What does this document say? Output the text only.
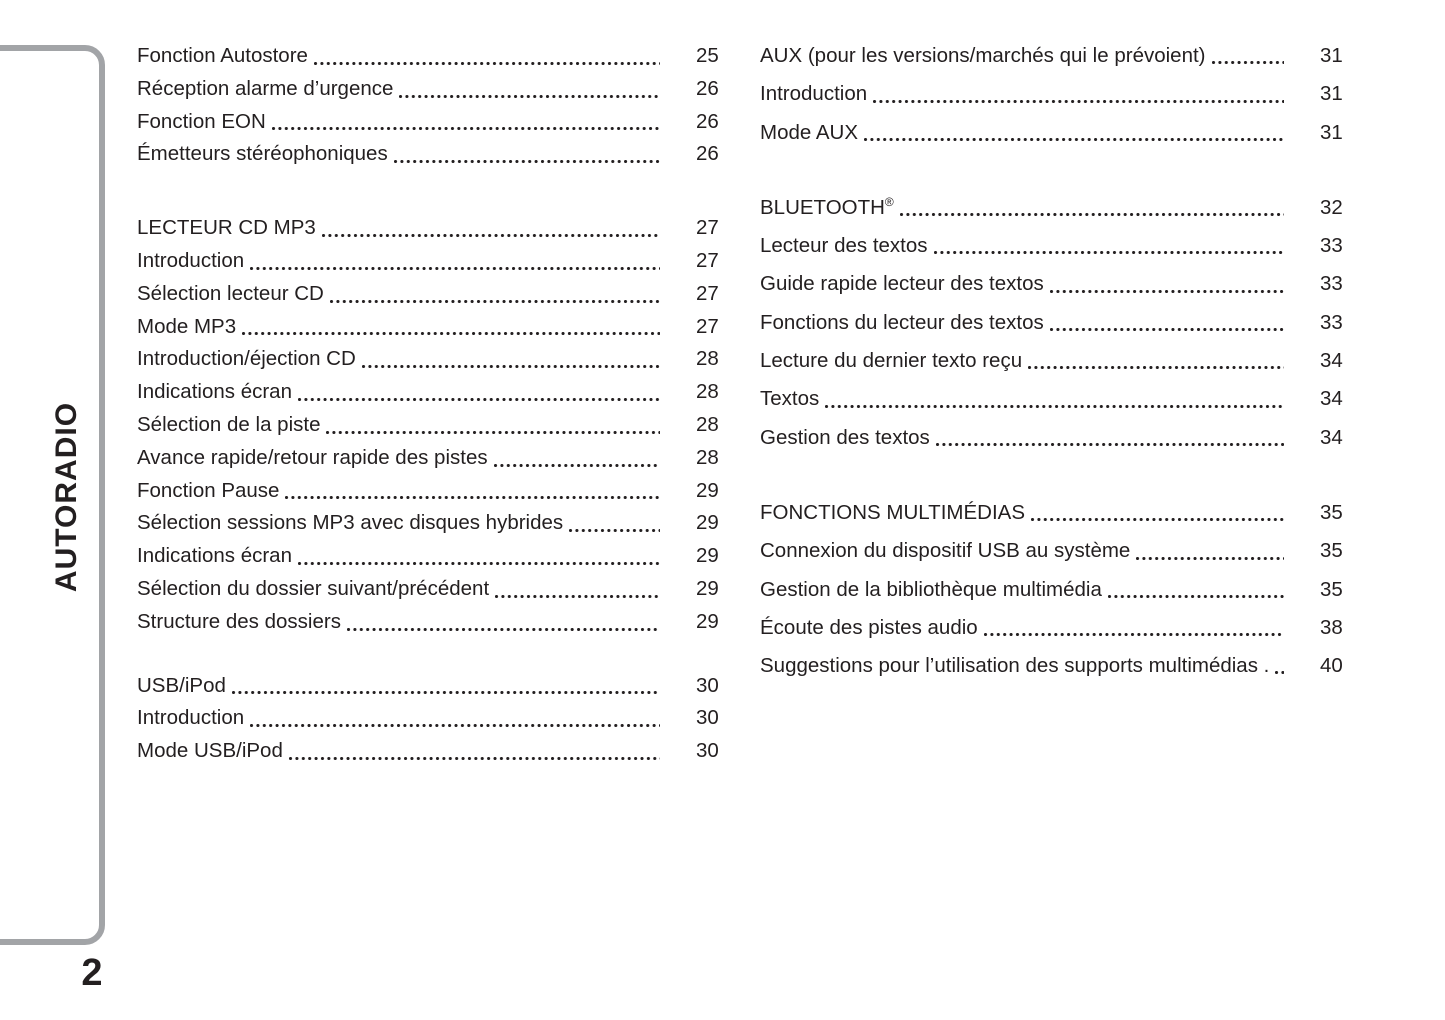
AUTORADIO
2
Fonction Autostore	25
Réception alarme d’urgence	26
Fonction EON	26
Émetteurs stéréophoniques	26
LECTEUR CD MP3	27
Introduction	27
Sélection lecteur CD	27
Mode MP3	27
Introduction/éjection CD	28
Indications écran	28
Sélection de la piste	28
Avance rapide/retour rapide des pistes	28
Fonction Pause	29
Sélection sessions MP3 avec disques hybrides	29
Indications écran	29
Sélection du dossier suivant/précédent	29
Structure des dossiers	29
USB/iPod	30
Introduction	30
Mode USB/iPod	30
AUX (pour les versions/marchés qui le prévoient)	31
Introduction	31
Mode AUX	31
BLUETOOTH®	32
Lecteur des textos	33
Guide rapide lecteur des textos	33
Fonctions du lecteur des textos	33
Lecture du dernier texto reçu	34
Textos	34
Gestion des textos	34
FONCTIONS MULTIMÉDIAS	35
Connexion du dispositif USB au système	35
Gestion de la bibliothèque multimédia	35
Écoute des pistes audio	38
Suggestions pour l’utilisation des supports multimédias . 40
